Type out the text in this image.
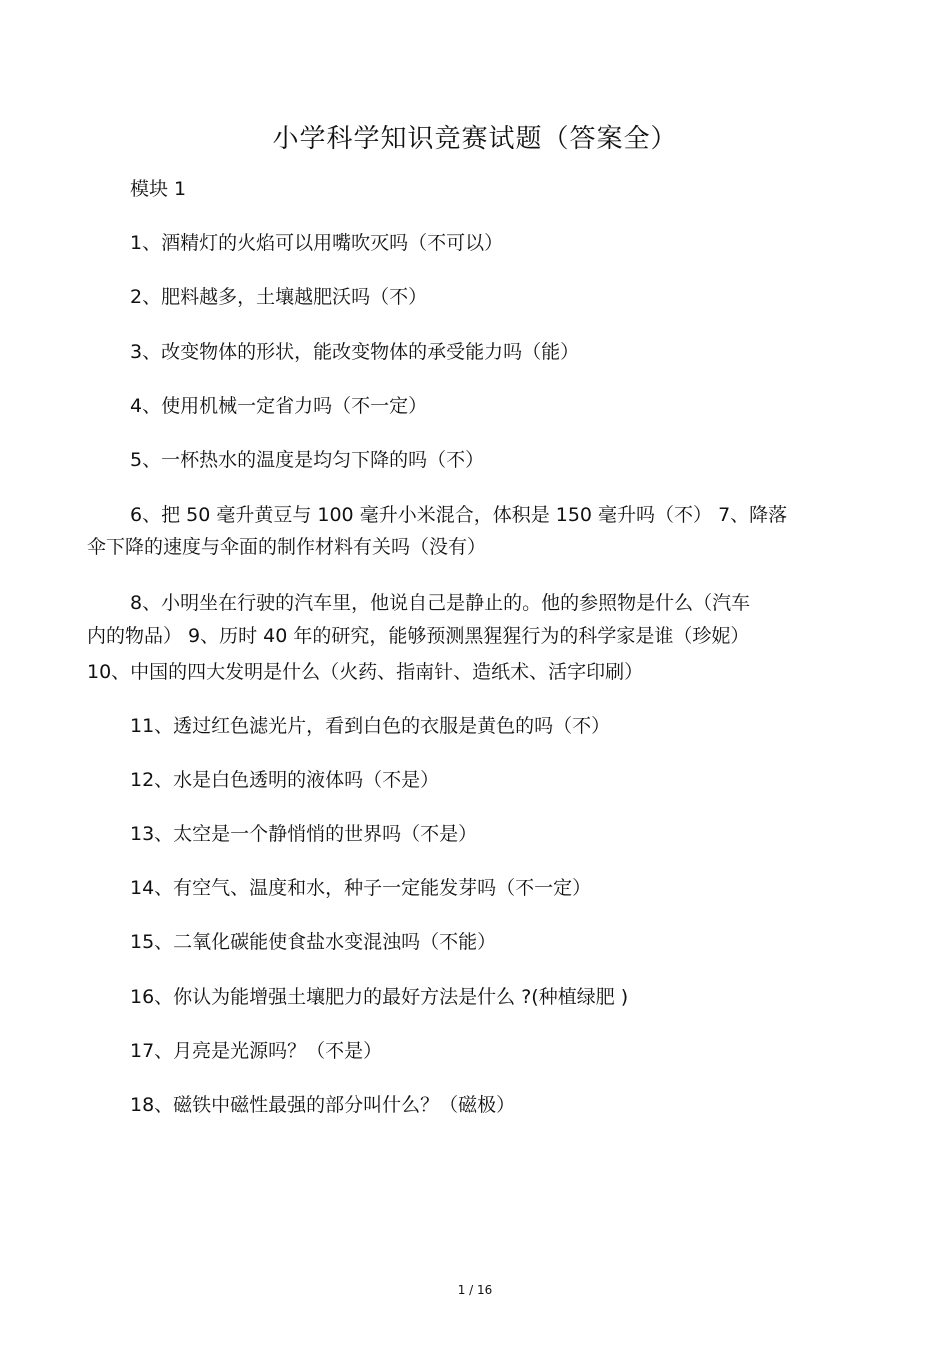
小学科学知识竞赛试题（答案全）
模块 1
1、酒精灯的火焰可以用嘴吹灭吗（不可以）
2、肥料越多，土壤越肥沃吗（不）
3、改变物体的形状，能改变物体的承受能力吗（能）
4、使用机械一定省力吗（不一定）
5、一杯热水的温度是均匀下降的吗（不）
6、把 50 毫升黄豆与 100 毫升小米混合，体积是 150 毫升吗（不） 7、降落
伞下降的速度与伞面的制作材料有关吗（没有）
8、小明坐在行驶的汽车里，他说自己是静止的。他的参照物是什么（汽车
内的物品） 9、历时 40 年的研究，能够预测黑猩猩行为的科学家是谁（珍妮）
10、中国的四大发明是什么（火药、指南针、造纸术、活字印刷）
11、透过红色滤光片，看到白色的衣服是黄色的吗（不）
12、水是白色透明的液体吗（不是）
13、太空是一个静悄悄的世界吗（不是）
14、有空气、温度和水，种子一定能发芽吗（不一定）
15、二氧化碳能使食盐水变混浊吗（不能）
16、你认为能增强土壤肥力的最好方法是什么 ?(种植绿肥 )
17、月亮是光源吗？（不是）
18、磁铁中磁性最强的部分叫什么？（磁极）
1 / 16
